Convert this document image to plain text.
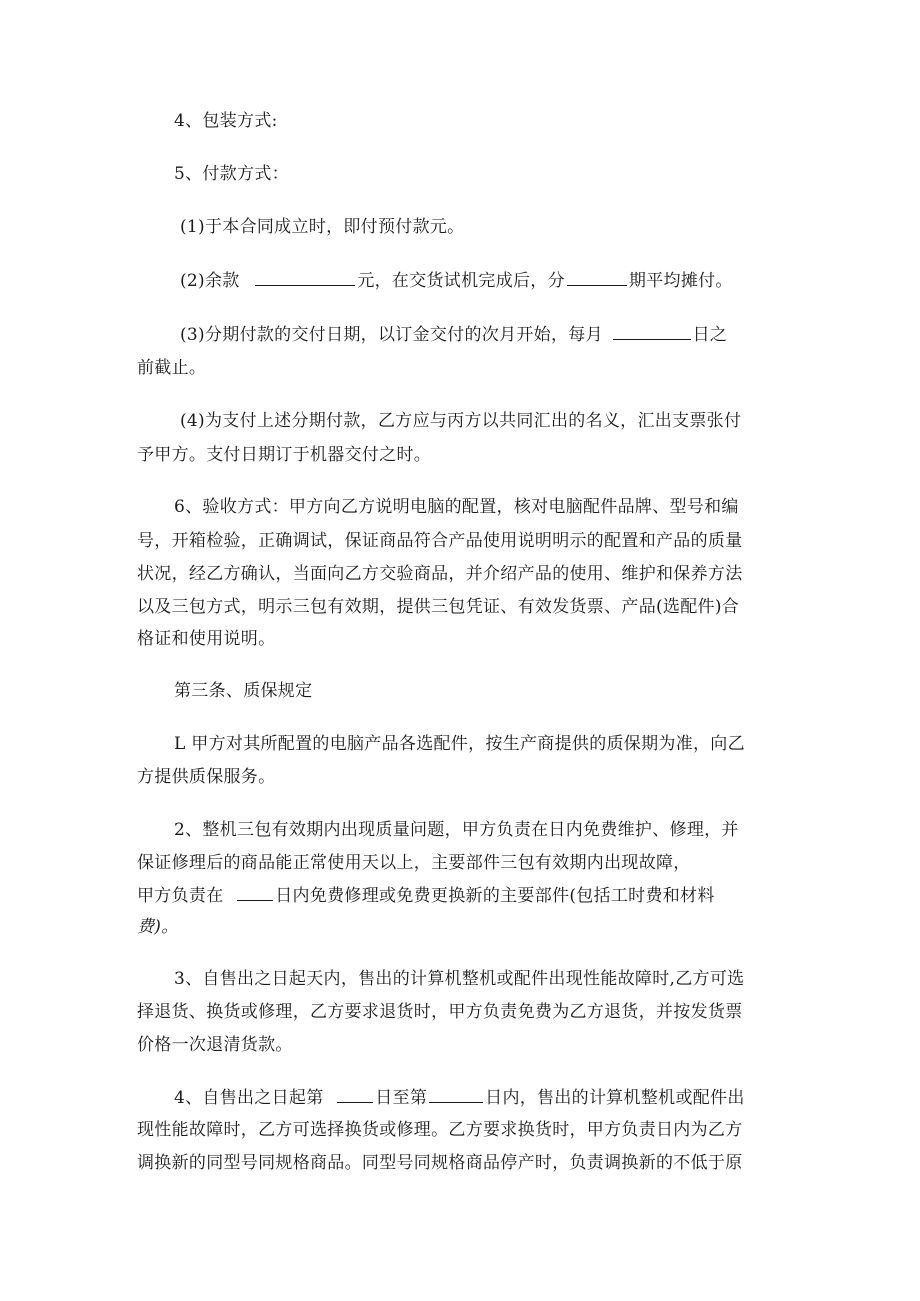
4、包装方式:
5、付款方式：
(1)于本合同成立时，即付预付款元。
(2)余款	元，在交货试机完成后，分	期平均摊付。
(3)分期付款的交付日期，以订金交付的次月开始，每月	日之
前截止。
(4)为支付上述分期付款，乙方应与丙方以共同汇出的名义，汇出支票张付
予甲方。支付日期订于机器交付之时。
6、验收方式：甲方向乙方说明电脑的配置，核对电脑配件品牌、型号和编
号，开箱检验，正确调试，保证商品符合产品使用说明明示的配置和产品的质量
状况，经乙方确认，当面向乙方交验商品，并介绍产品的使用、维护和保养方法
以及三包方式，明示三包有效期，提供三包凭证、有效发货票、产品(选配件)合
格证和使用说明。
第三条、质保规定
L 甲方对其所配置的电脑产品各选配件，按生产商提供的质保期为准，向乙
方提供质保服务。
2、整机三包有效期内出现质量问题，甲方负责在日内免费维护、修理，并
保证修理后的商品能正常使用天以上，主要部件三包有效期内出现故障，
甲方负责在	日内免费修理或免费更换新的主要部件(包括工时费和材料
费)。
3、自售出之日起天内，售出的计算机整机或配件出现性能故障时,乙方可选
择退货、换货或修理，乙方要求退货时，甲方负责免费为乙方退货，并按发货票
价格一次退清货款。
4、自售出之日起第	日至第	日内，售出的计算机整机或配件出
现性能故障时，乙方可选择换货或修理。乙方要求换货时，甲方负责日内为乙方
调换新的同型号同规格商品。同型号同规格商品停产时，负责调换新的不低于原
